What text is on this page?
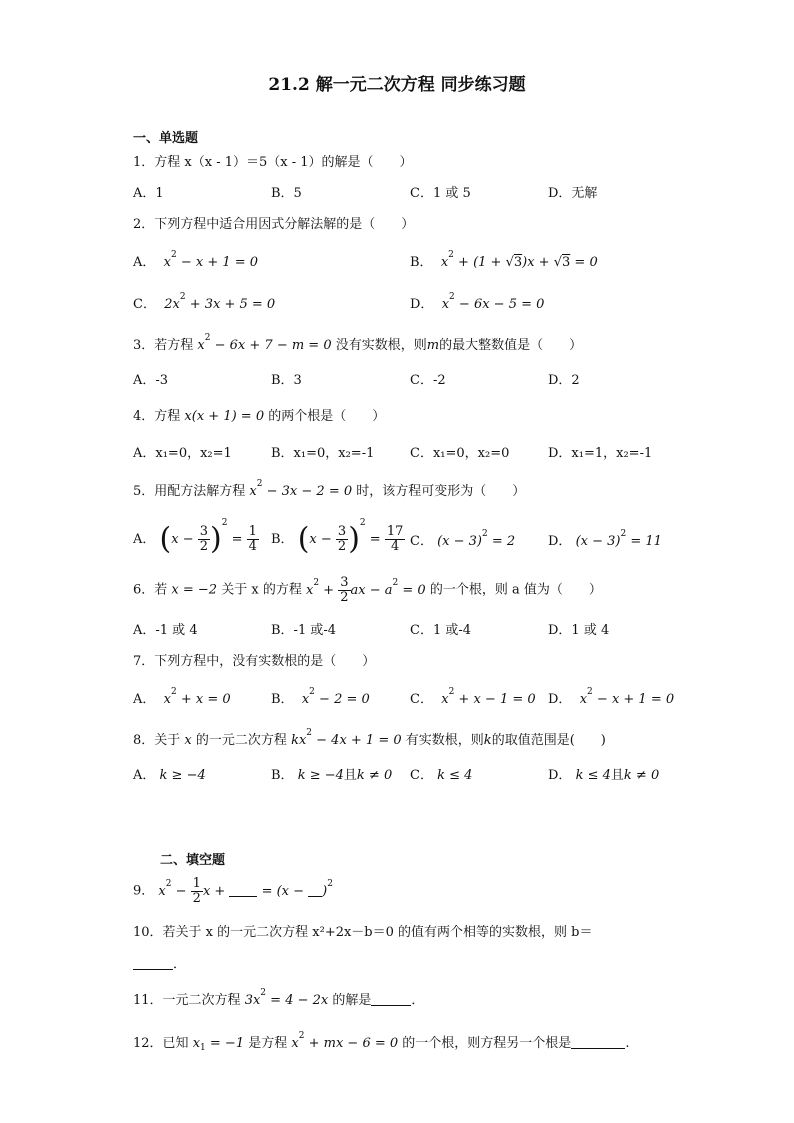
21.2 解一元二次方程 同步练习题
一、单选题
1．方程 x（x - 1）＝5（x - 1）的解是（　　）
A．1	B．5	C．1 或 5	D．无解
2．下列方程中适合用因式分解法解的是（　　）
A．  $x^2 - x + 1 = 0$	B．  $x^2 + (1 + √3)x + √3 = 0$
C．  $2x^2 + 3x + 5 = 0$	D．  $x^2 - 6x - 5 = 0$
3．若方程 $x^2 - 6x + 7 - m = 0$ 没有实数根，则m的最大整数值是（　　）
A．-3	B．3	C．-2	D．2
4．方程 x(x + 1) = 0 的两个根是（　　）
A．x₁=0，x₂=1	B．x₁=0，x₂=-1	C．x₁=0，x₂=0	D．x₁=1，x₂=-1
5．用配方法解方程 $x^2 - 3x - 2 = 0$ 时，该方程可变形为（　　）
A． $(x - \frac{3}{2} )^2 = \frac{1}{4}$ B． $(x - \frac{3}{2} )^2 = \frac{17}{4}$ C． $(x - 3)^2 = 2$	D． $(x - 3)^2 = 11$
6．若 x = −2 关于 x 的方程 $x^2 + \frac{3}{2}$ ax − $a^2 = 0$ 的一个根，则 a 值为（　　）
A．-1 或 4	B．-1 或-4	C．1 或-4	D．1 或 4
7．下列方程中，没有实数根的是（　　）
A．  $x^2 + x = 0$	B．  $x^2 - 2 = 0$	C．  $x^2 + x - 1 = 0$ D．  $x^2 - x + 1 = 0$
8．关于 x 的一元二次方程 $kx^2 - 4x + 1 = 0$ 有实数根，则k的取值范围是(　　)
A． k ≥ −4	B． k ≥ −4且k ≠ 0 C． k ≤ 4	D． k ≤ 4且k ≠ 0
二、填空题
9． $x^2 - \frac{1}{2}$ x +  = $(x - )^2$
10．若关于 x 的一元二次方程 x²+2x－b＝0 的值有两个相等的实数根，则 b＝
．
11．一元二次方程 $3x^2 = 4 - 2x$ 的解是	．
12．已知 $x_1 = -1$ 是方程 $x^2$ + mx − 6 = 0 的一个根，则方程另一个根是	.
